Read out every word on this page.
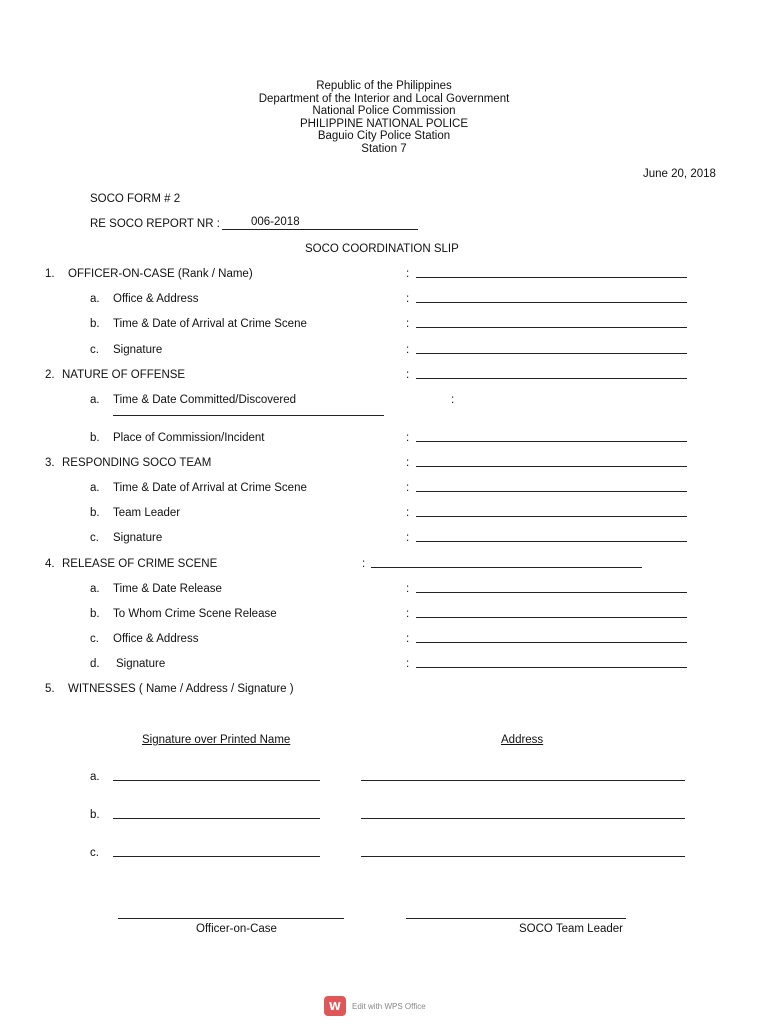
Republic of the Philippines
Department of the Interior and Local Government
National Police Commission
PHILIPPINE NATIONAL POLICE
Baguio City Police Station
Station 7
June 20, 2018
SOCO FORM # 2
RE SOCO REPORT NR :	006-2018
SOCO COORDINATION SLIP
1. OFFICER-ON-CASE (Rank / Name)	:
a. Office & Address	:
b. Time & Date of Arrival at Crime Scene	:
c. Signature	:
2. NATURE OF OFFENSE	:
a. Time & Date Committed/Discovered	:
b. Place of Commission/Incident	:
3. RESPONDING SOCO TEAM	:
a. Time & Date of Arrival at Crime Scene	:
b. Team Leader	:
c. Signature	:
4. RELEASE OF CRIME SCENE	:
a. Time & Date Release	:
b. To Whom Crime Scene Release	:
c. Office & Address	:
d. Signature	:
5. WITNESSES ( Name / Address / Signature )
Signature over Printed Name	Address
a.
b.
c.
Officer-on-Case	SOCO Team Leader
W Edit with WPS Office
